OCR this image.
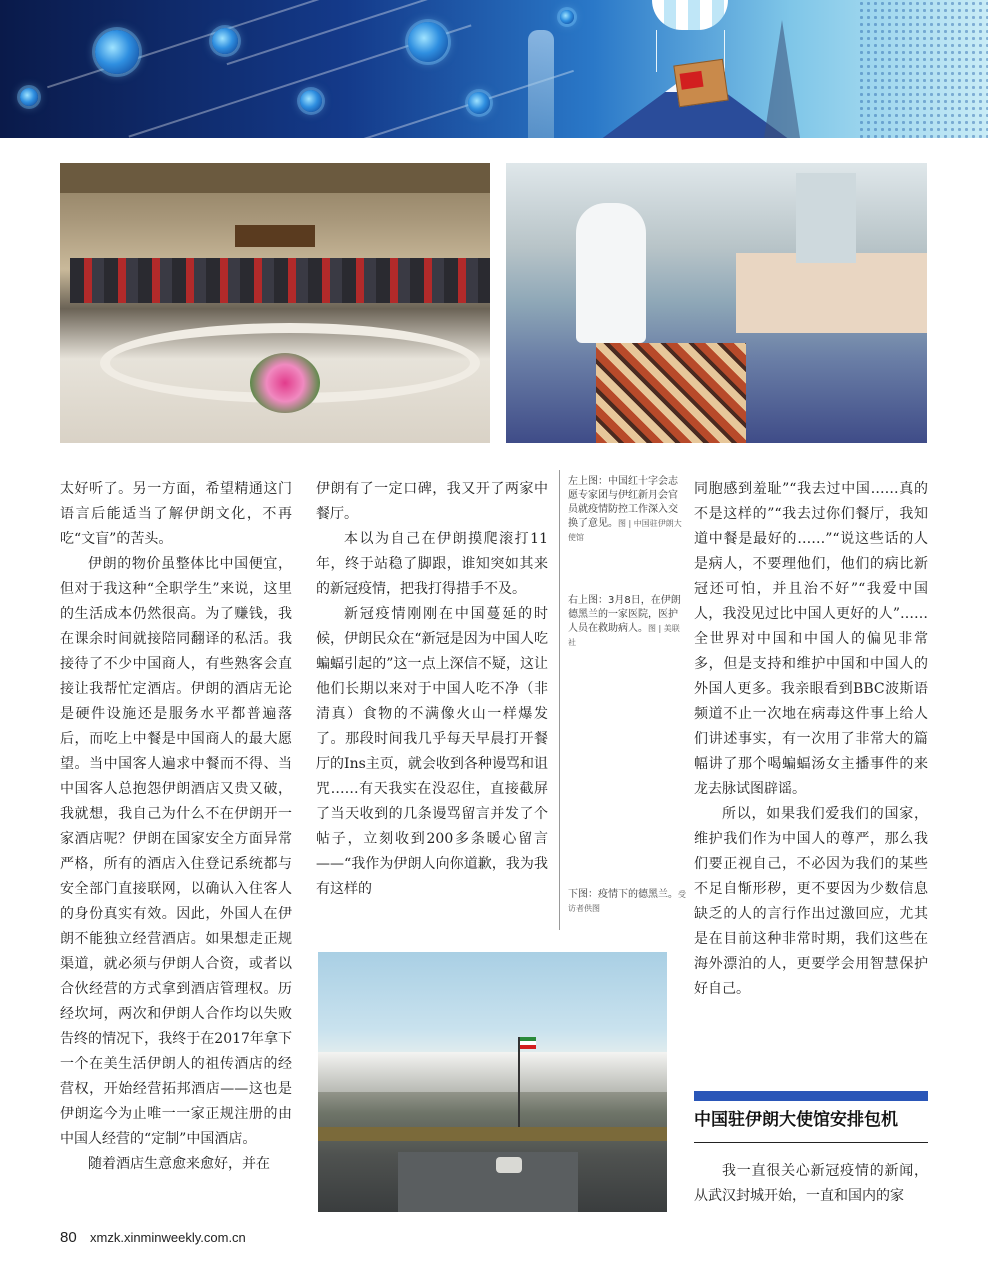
太好听了。另一方面，希望精通这门语言后能适当了解伊朗文化，不再吃“文盲”的苦头。

伊朗的物价虽整体比中国便宜，但对于我这种“全职学生”来说，这里的生活成本仍然很高。为了赚钱，我在课余时间就接陪同翻译的私活。我接待了不少中国商人，有些熟客会直接让我帮忙定酒店。伊朗的酒店无论是硬件设施还是服务水平都普遍落后，而吃上中餐是中国商人的最大愿望。当中国客人遍求中餐而不得、当中国客人总抱怨伊朗酒店又贵又破，我就想，我自己为什么不在伊朗开一家酒店呢？伊朗在国家安全方面异常严格，所有的酒店入住登记系统都与安全部门直接联网，以确认入住客人的身份真实有效。因此，外国人在伊朗不能独立经营酒店。如果想走正规渠道，就必须与伊朗人合资，或者以合伙经营的方式拿到酒店管理权。历经坎坷，两次和伊朗人合作均以失败告终的情况下，我终于在2017年拿下一个在美生活伊朗人的祖传酒店的经营权，开始经营拓邦酒店——这也是伊朗迄今为止唯一一家正规注册的由中国人经营的“定制”中国酒店。

随着酒店生意愈来愈好，并在

伊朗有了一定口碑，我又开了两家中餐厅。

本以为自己在伊朗摸爬滚打11年，终于站稳了脚跟，谁知突如其来的新冠疫情，把我打得措手不及。

新冠疫情刚刚在中国蔓延的时候，伊朗民众在“新冠是因为中国人吃蝙蝠引起的”这一点上深信不疑，这让他们长期以来对于中国人吃不净（非清真）食物的不满像火山一样爆发了。那段时间我几乎每天早晨打开餐厅的Ins主页，就会收到各种谩骂和诅咒……有天我实在没忍住，直接截屏了当天收到的几条谩骂留言并发了个帖子，立刻收到200多条暖心留言——“我作为伊朗人向你道歉，我为我有这样的

左上图：中国红十字会志愿专家团与伊红新月会官员就疫情防控工作深入交换了意见。图 | 中国驻伊朗大使馆
右上图：3月8日，在伊朗德黑兰的一家医院，医护人员在救助病人。图 | 美联社
下图：疫情下的德黑兰。受访者供图

同胞感到羞耻”“我去过中国……真的不是这样的”“我去过你们餐厅，我知道中餐是最好的……”“说这些话的人是病人，不要理他们，他们的病比新冠还可怕，并且治不好”“我爱中国人，我没见过比中国人更好的人”……全世界对中国和中国人的偏见非常多，但是支持和维护中国和中国人的外国人更多。我亲眼看到BBC波斯语频道不止一次地在病毒这件事上给人们讲述事实，有一次用了非常大的篇幅讲了那个喝蝙蝠汤女主播事件的来龙去脉试图辟谣。

所以，如果我们爱我们的国家，维护我们作为中国人的尊严，那么我们要正视自己，不必因为我们的某些不足自惭形秽，更不要因为少数信息缺乏的人的言行作出过激回应，尤其是在目前这种非常时期，我们这些在海外漂泊的人，更要学会用智慧保护好自己。

中国驻伊朗大使馆安排包机

我一直很关心新冠疫情的新闻，从武汉封城开始，一直和国内的家

80 xmzk.xinminweekly.com.cn
